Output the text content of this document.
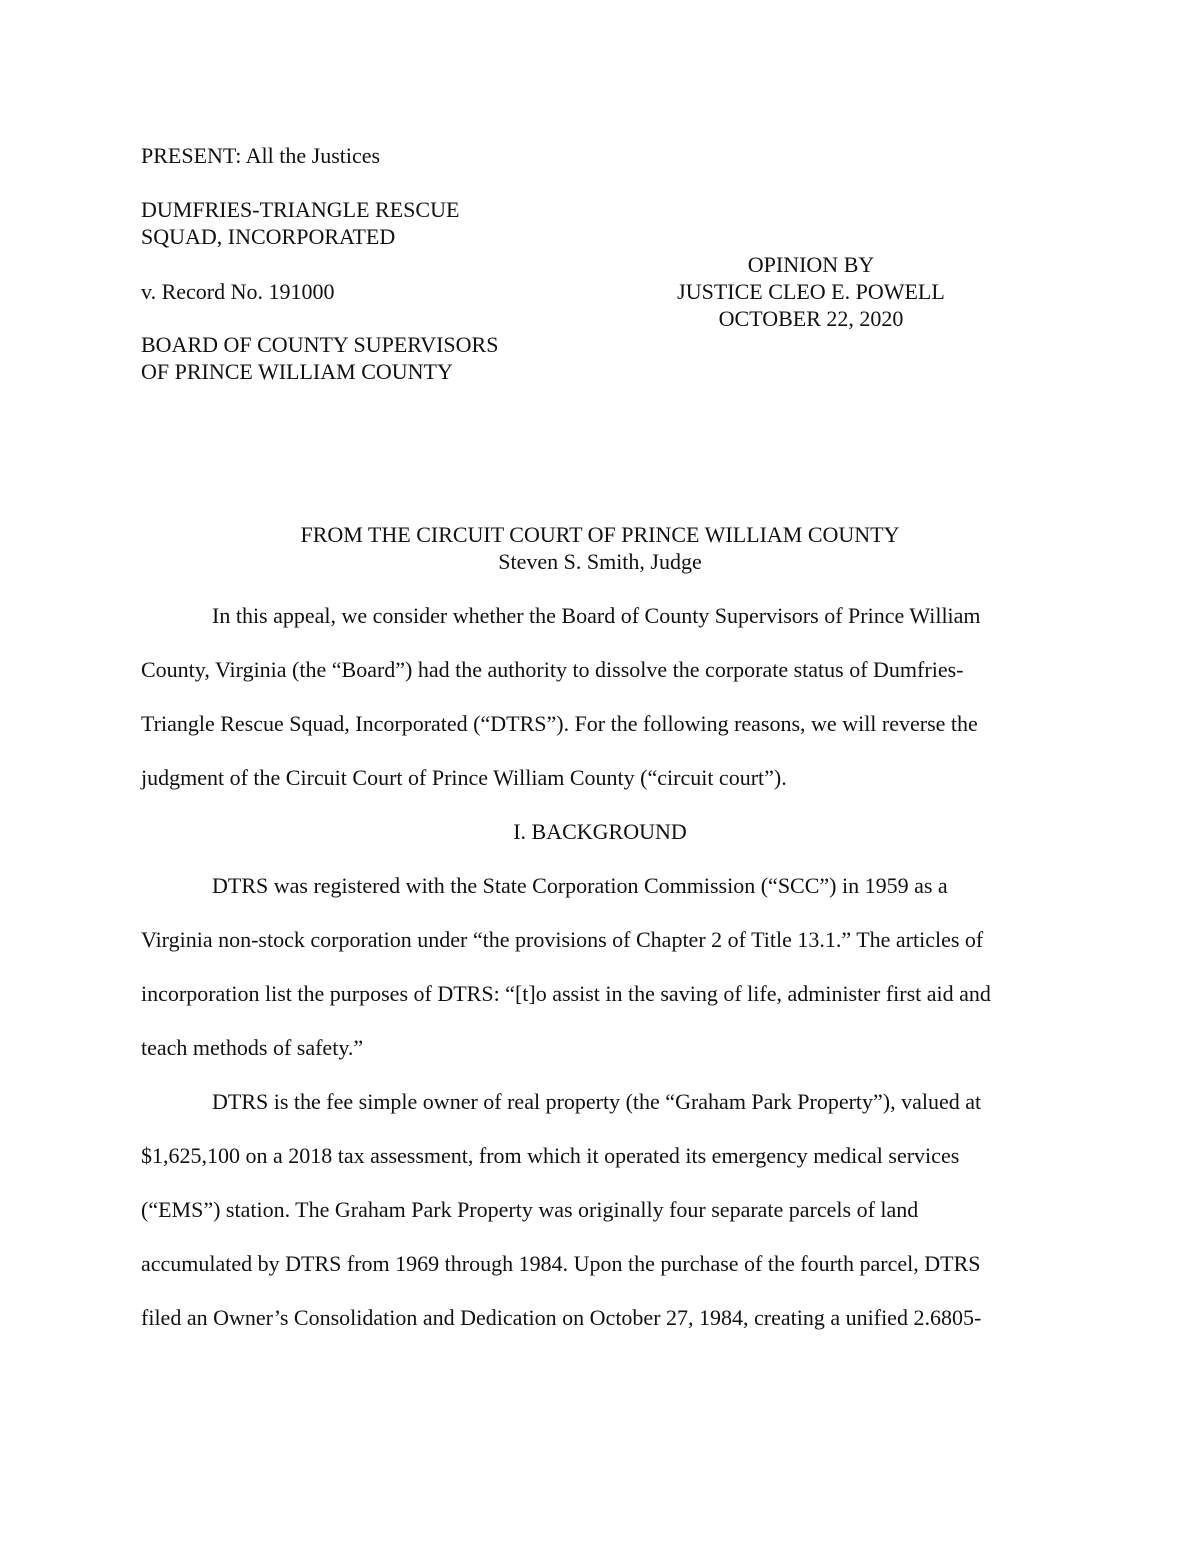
PRESENT: All the Justices
DUMFRIES-TRIANGLE RESCUE
SQUAD, INCORPORATED
v. Record No. 191000
BOARD OF COUNTY SUPERVISORS
OF PRINCE WILLIAM COUNTY
OPINION BY
JUSTICE CLEO E. POWELL
OCTOBER 22, 2020
FROM THE CIRCUIT COURT OF PRINCE WILLIAM COUNTY
Steven S. Smith, Judge
In this appeal, we consider whether the Board of County Supervisors of Prince William
County, Virginia (the “Board”) had the authority to dissolve the corporate status of Dumfries-
Triangle Rescue Squad, Incorporated (“DTRS”). For the following reasons, we will reverse the
judgment of the Circuit Court of Prince William County (“circuit court”).
I. BACKGROUND
DTRS was registered with the State Corporation Commission (“SCC”) in 1959 as a
Virginia non-stock corporation under “the provisions of Chapter 2 of Title 13.1.” The articles of
incorporation list the purposes of DTRS: “[t]o assist in the saving of life, administer first aid and
teach methods of safety.”
DTRS is the fee simple owner of real property (the “Graham Park Property”), valued at
$1,625,100 on a 2018 tax assessment, from which it operated its emergency medical services
(“EMS”) station. The Graham Park Property was originally four separate parcels of land
accumulated by DTRS from 1969 through 1984. Upon the purchase of the fourth parcel, DTRS
filed an Owner’s Consolidation and Dedication on October 27, 1984, creating a unified 2.6805-
